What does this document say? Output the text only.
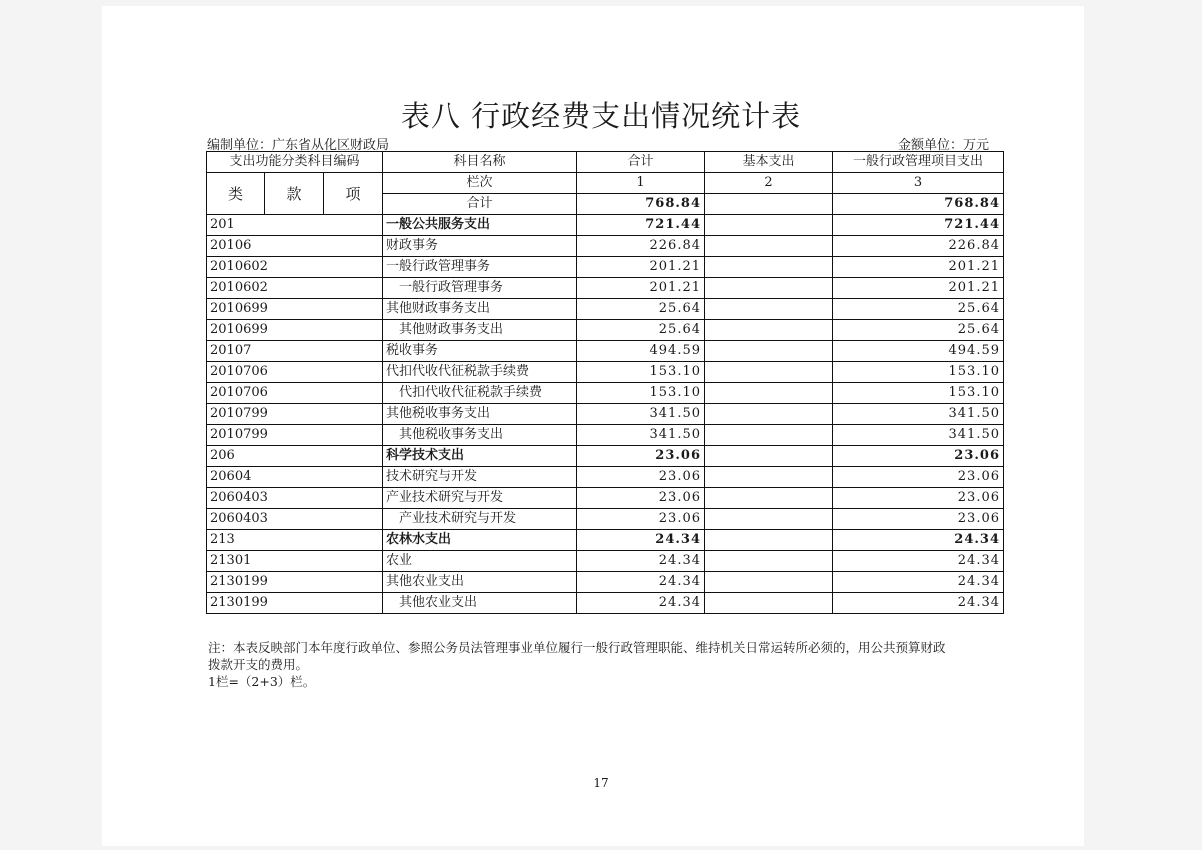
表八 行政经费支出情况统计表
编制单位：广东省从化区财政局	金额单位：万元
支出功能分类科目编码			科目名称	合计	基本支出	一般行政管理项目支出
类	款	项	栏次	1	2	3
			合计	768.84		768.84
201			一般公共服务支出	721.44		721.44
20106			财政事务	226.84		226.84
2010602			一般行政管理事务	201.21		201.21
2010602			一般行政管理事务	201.21		201.21
2010699			其他财政事务支出	25.64		25.64
2010699			其他财政事务支出	25.64		25.64
20107			税收事务	494.59		494.59
2010706			代扣代收代征税款手续费	153.10		153.10
2010706			代扣代收代征税款手续费	153.10		153.10
2010799			其他税收事务支出	341.50		341.50
2010799			其他税收事务支出	341.50		341.50
206			科学技术支出	23.06		23.06
20604			技术研究与开发	23.06		23.06
2060403			产业技术研究与开发	23.06		23.06
2060403			产业技术研究与开发	23.06		23.06
213			农林水支出	24.34		24.34
21301			农业	24.34		24.34
2130199			其他农业支出	24.34		24.34
2130199			其他农业支出	24.34		24.34

注：本表反映部门本年度行政单位、参照公务员法管理事业单位履行一般行政管理职能、维持机关日常运转所必须的，用公共预算财政

拨款开支的费用。

1栏=（2+3）栏。

17
